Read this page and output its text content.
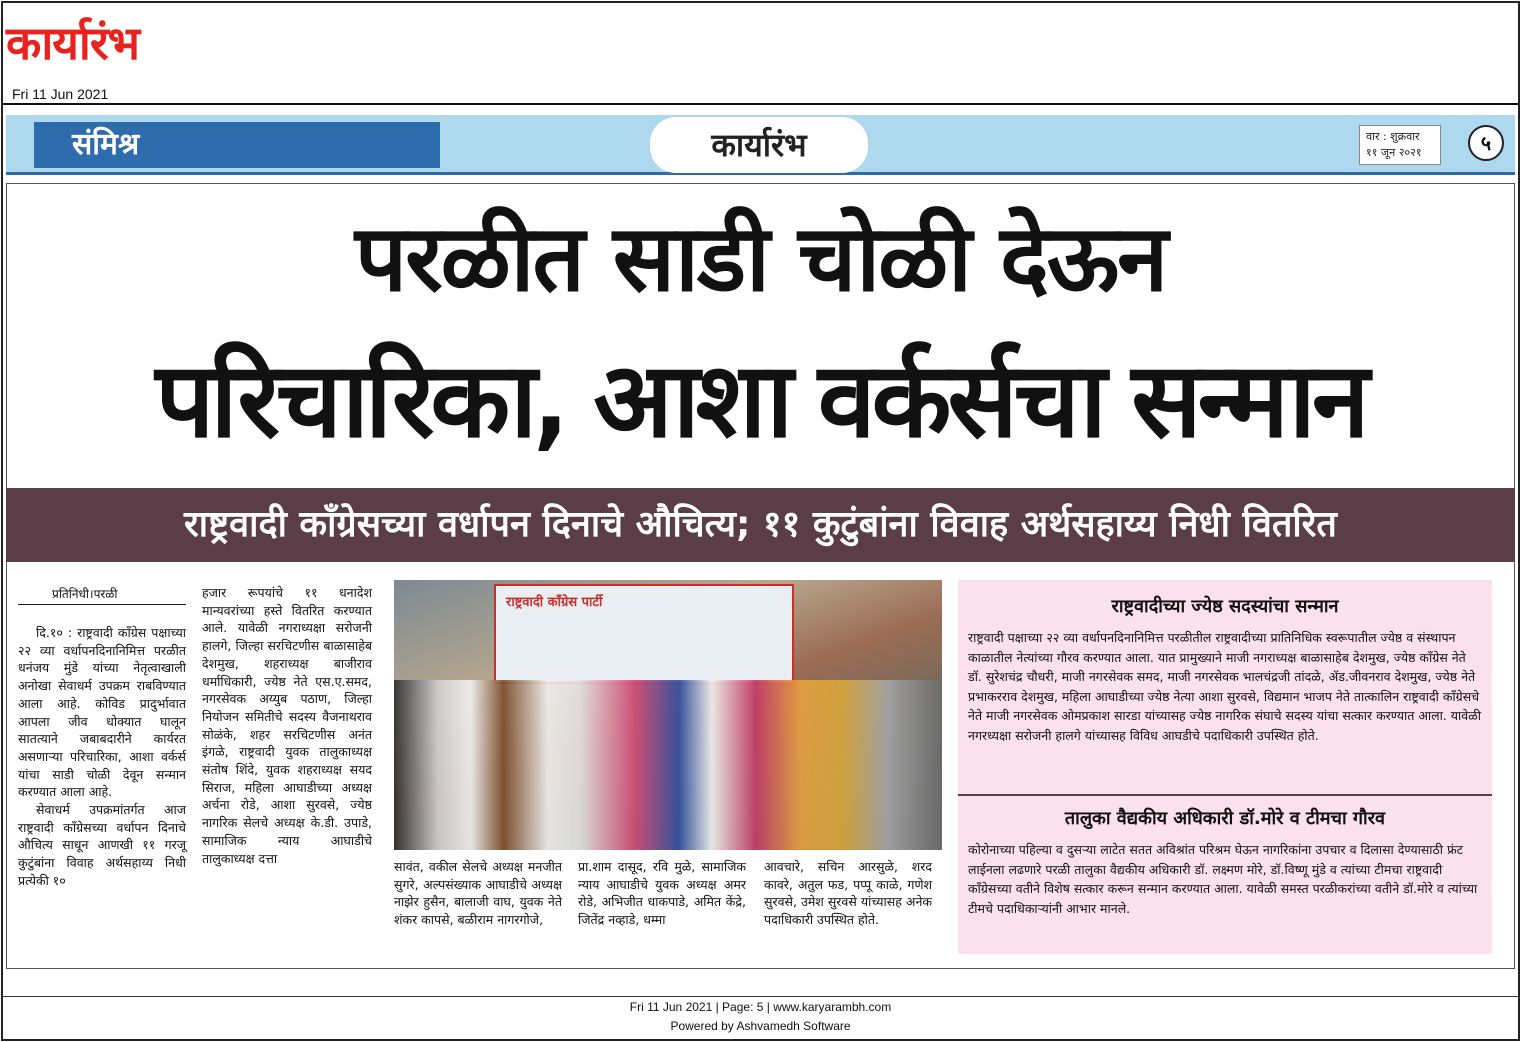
कार्यारंभ
Fri 11 Jun 2021
संमिश्र	कार्यारंभ	वार : शुक्रवार
११ जून २०२१	५
परळीत साडी चोळी देऊन
परिचारिका, आशा वर्कर्सचा सन्मान
राष्ट्रवादी कॉंग्रेसच्या वर्धापन दिनाचे औचित्य; ११ कुटुंबांना विवाह अर्थसहाय्य निधी वितरित
प्रतिनिधी।परळी

दि.१० : राष्ट्रवादी कॉंग्रेस पक्षाच्या २२ व्या वर्धापनदिनानिमित्त परळीत धनंजय मुंडे यांच्या नेतृत्वाखाली अनोखा सेवाधर्म उपक्रम राबविण्यात आला आहे. कोविड प्रादुर्भावात आपला जीव धोक्यात घालून सातत्याने जबाबदारीने कार्यरत असणाऱ्या परिचारिका, आशा वर्कर्स यांचा साडी चोळी देवून सन्मान करण्यात आला आहे.

सेवाधर्म उपक्रमांतर्गत आज राष्ट्रवादी कॉंग्रेसच्या वर्धापन दिनाचे औचित्य साधून आणखी ११ गरजू कुटुंबांना विवाह अर्थसहाय्य निधी प्रत्येकी १०

हजार रूपयांचे ११ धनादेश मान्यवरांच्या हस्ते वितरित करण्यात आले. यावेळी नगराध्यक्षा सरोजनी हालगे, जिल्हा सरचिटणीस बाळासाहेब देशमुख, शहराध्यक्ष बाजीराव धर्माधिकारी, ज्येष्ठ नेते एस.ए.समद, नगरसेवक अय्युब पठाण, जिल्हा नियोजन समितीचे सदस्य वैजनाथराव सोळंके, शहर सरचिटणीस अनंत इंगळे, राष्ट्रवादी युवक तालुकाध्यक्ष संतोष शिंदे, युवक शहराध्यक्ष सयद सिराज, महिला आघाडीच्या अध्यक्ष अर्चना रोडे, आशा सुरवसे, ज्येष्ठ नागरिक सेलचे अध्यक्ष के.डी. उपाडे, सामाजिक न्याय आघाडीचे तालुकाध्यक्ष दत्ता
राष्ट्रवादी कॉंग्रेस पार्टी
सावंत, वकील सेलचे अध्यक्ष मनजीत सुगरे, अल्पसंख्याक आघाडीचे अध्यक्ष नाझेर हुसैन, बालाजी वाघ, युवक नेते शंकर कापसे, बळीराम नागरगोजे,
प्रा.शाम दासूद, रवि मुळे, सामाजिक न्याय आघाडीचे युवक अध्यक्ष अमर रोडे, अभिजीत धाकपाडे, अमित केंद्रे, जितेंद्र नव्हाडे, धम्मा
आवचारे, सचिन आरसुळे, शरद कावरे, अतुल फड, पप्पू काळे, गणेश सुरवसे, उमेश सुरवसे यांच्यासह अनेक पदाधिकारी उपस्थित होते.
राष्ट्रवादीच्या ज्येष्ठ सदस्यांचा सन्मान
राष्ट्रवादी पक्षाच्या २२ व्या वर्धापनदिनानिमित्त परळीतील राष्ट्रवादीच्या प्रातिनिधिक स्वरूपातील ज्येष्ठ व संस्थापन काळातील नेत्यांच्या गौरव करण्यात आला. यात प्रामुख्याने माजी नगराध्यक्ष बाळासाहेब देशमुख, ज्येष्ठ कॉंग्रेस नेते डॉ. सुरेशचंद्र चौधरी, माजी नगरसेवक समद, माजी नगरसेवक भालचंद्रजी तांदळे, ॲड.जीवनराव देशमुख, ज्येष्ठ नेते प्रभाकरराव देशमुख, महिला आघाडीच्या ज्येष्ठ नेत्या आशा सुरवसे, विद्यमान भाजप नेते तात्कालिन राष्ट्रवादी कॉंग्रेसचे नेते माजी नगरसेवक ओमप्रकाश सारडा यांच्यासह ज्येष्ठ नागरिक संघाचे सदस्य यांचा सत्कार करण्यात आला. यावेळी नगरध्यक्षा सरोजनी हालगे यांच्यासह विविध आघडीचे पदाधिकारी उपस्थित होते.
तालुका वैद्यकीय अधिकारी डॉ.मोरे व टीमचा गौरव
कोरोनाच्या पहिल्या व दुसऱ्या लाटेत सतत अविश्रांत परिश्रम घेऊन नागरिकांना उपचार व दिलासा देण्यासाठी फ्रंट लाईनला लढणारे परळी तालुका वैद्यकीय अधिकारी डॉ. लक्ष्मण मोरे, डॉ.विष्णू मुंडे व त्यांच्या टीमचा राष्ट्रवादी कॉंग्रेसच्या वतीने विशेष सत्कार करून सन्मान करण्यात आला. यावेळी समस्त परळीकरांच्या वतीने डॉ.मोरे व त्यांच्या टीमचे पदाधिकाऱ्यांनी आभार मानले.
Fri 11 Jun 2021 | Page: 5 | www.karyarambh.com
Powered by Ashvamedh Software
